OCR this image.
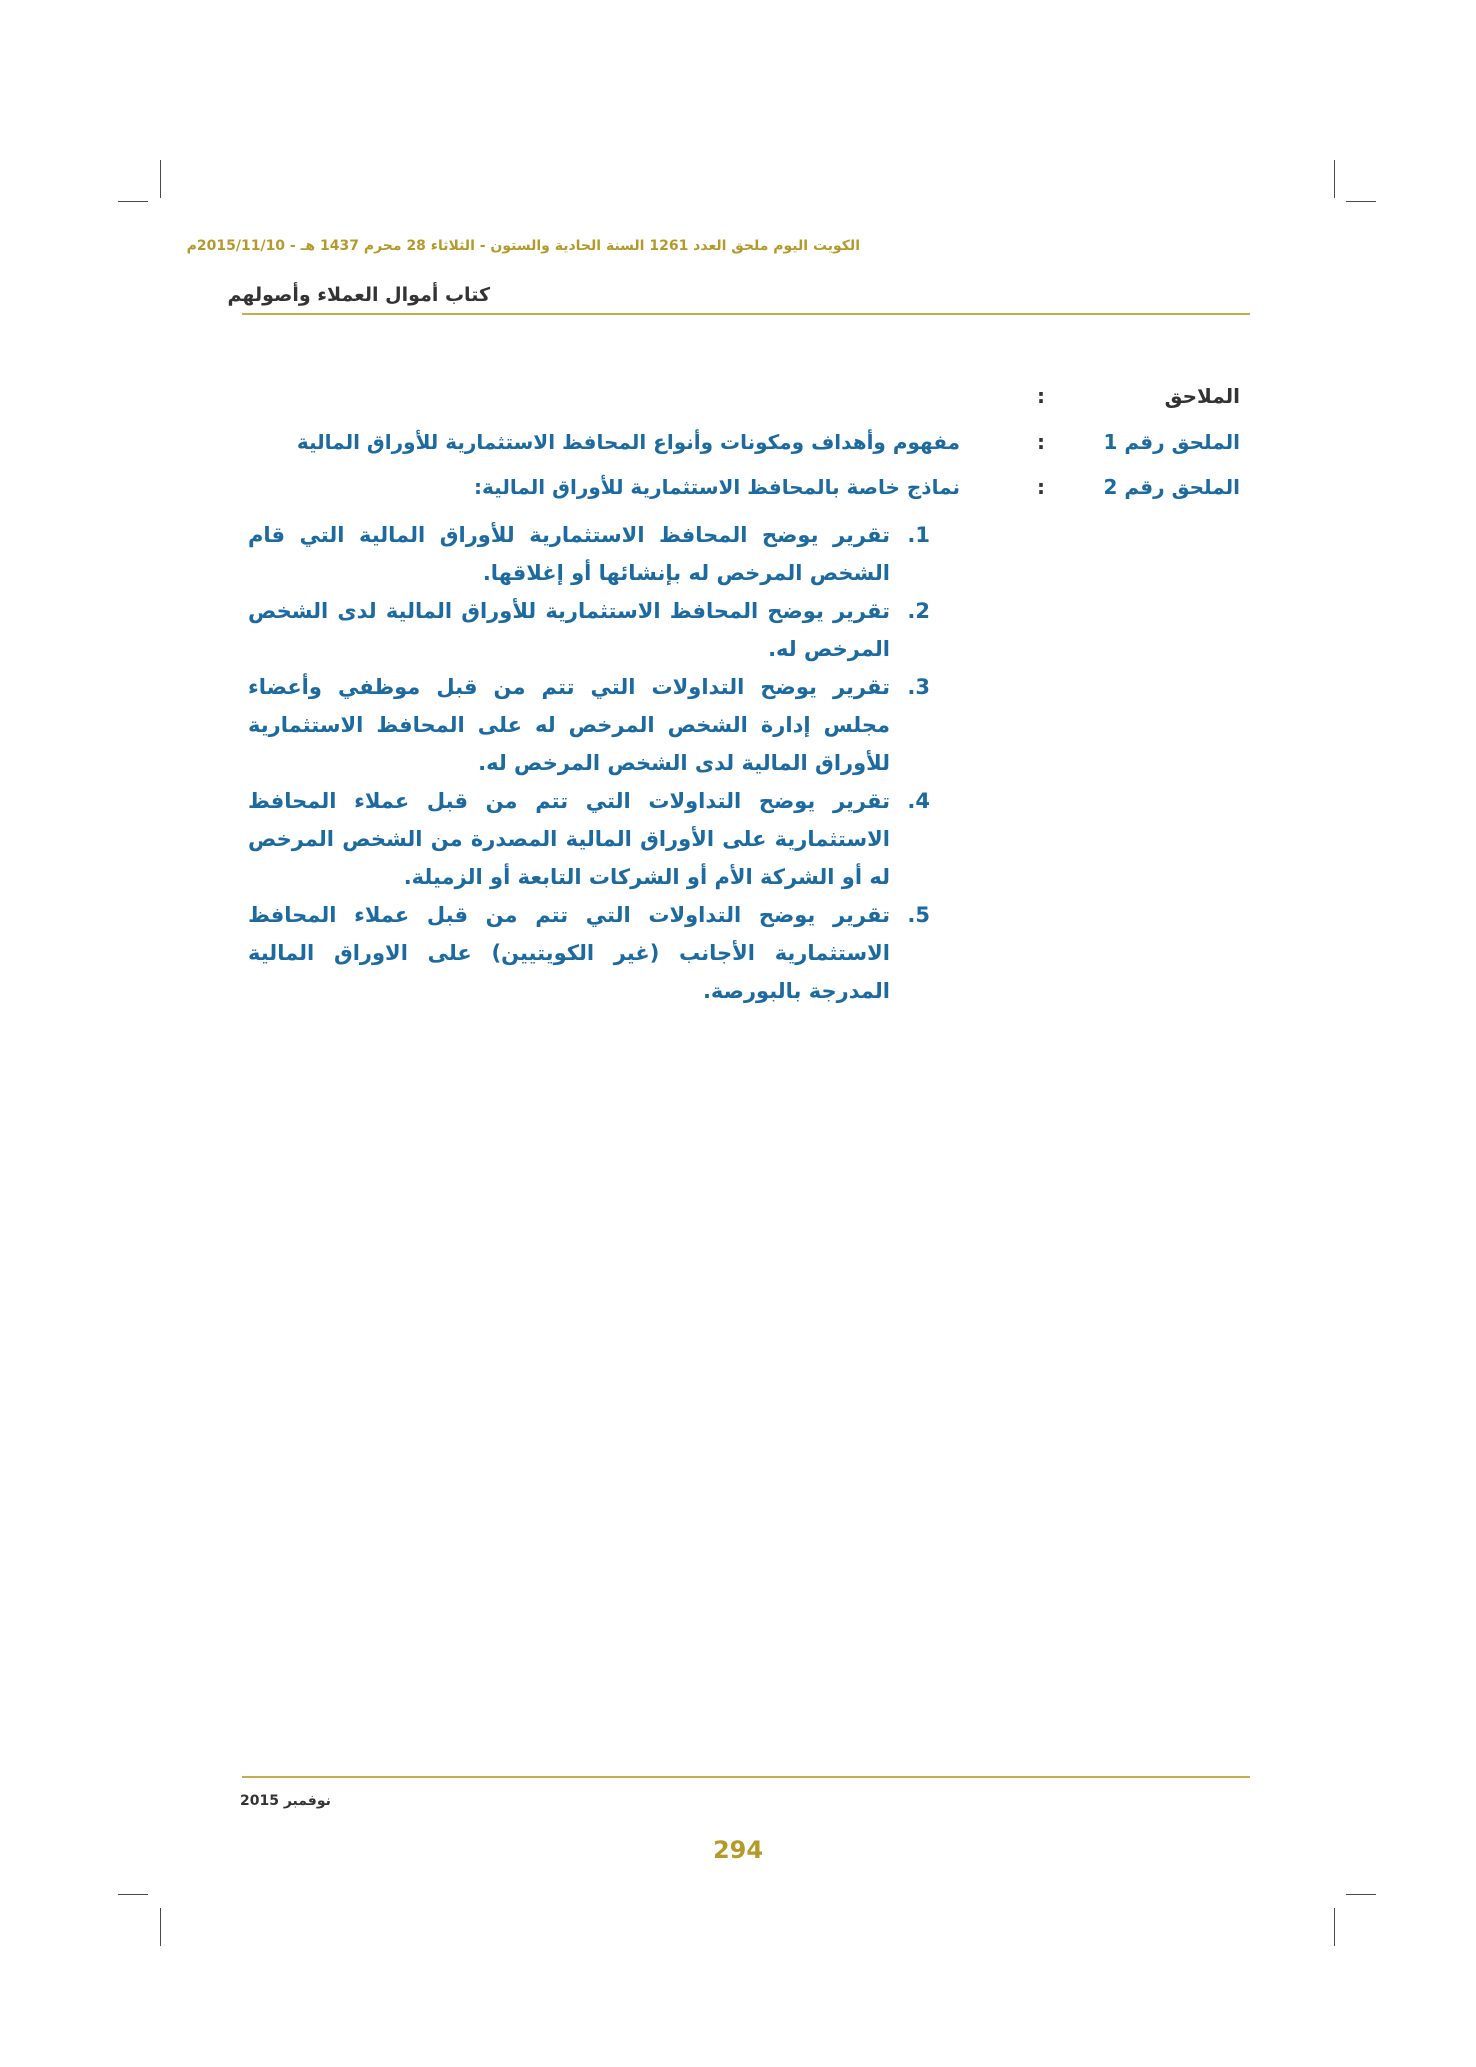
الكويت اليوم ملحق العدد 1261 السنة الحادية والستون - الثلاثاء 28 محرم 1437 هـ - 2015/11/10م
كتاب أموال العملاء وأصولهم
الملاحق
:
الملحق رقم 1
:
مفهوم وأهداف ومكونات وأنواع المحافظ الاستثمارية للأوراق المالية
الملحق رقم 2
:
نماذج خاصة بالمحافظ الاستثمارية للأوراق المالية:
1.
تقرير يوضح المحافظ الاستثمارية للأوراق المالية التي قام الشخص المرخص له بإنشائها أو إغلاقها.
2.
تقرير يوضح المحافظ الاستثمارية للأوراق المالية لدى الشخص المرخص له.
3.
تقرير يوضح التداولات التي تتم من قبل موظفي وأعضاء مجلس إدارة الشخص المرخص له على المحافظ الاستثمارية للأوراق المالية لدى الشخص المرخص له.
4.
تقرير يوضح التداولات التي تتم من قبل عملاء المحافظ الاستثمارية على الأوراق المالية المصدرة من الشخص المرخص له أو الشركة الأم أو الشركات التابعة أو الزميلة.
5.
تقرير يوضح التداولات التي تتم من قبل عملاء المحافظ الاستثمارية الأجانب (غير الكويتيين) على الاوراق المالية المدرجة بالبورصة.
نوفمبر 2015
294
